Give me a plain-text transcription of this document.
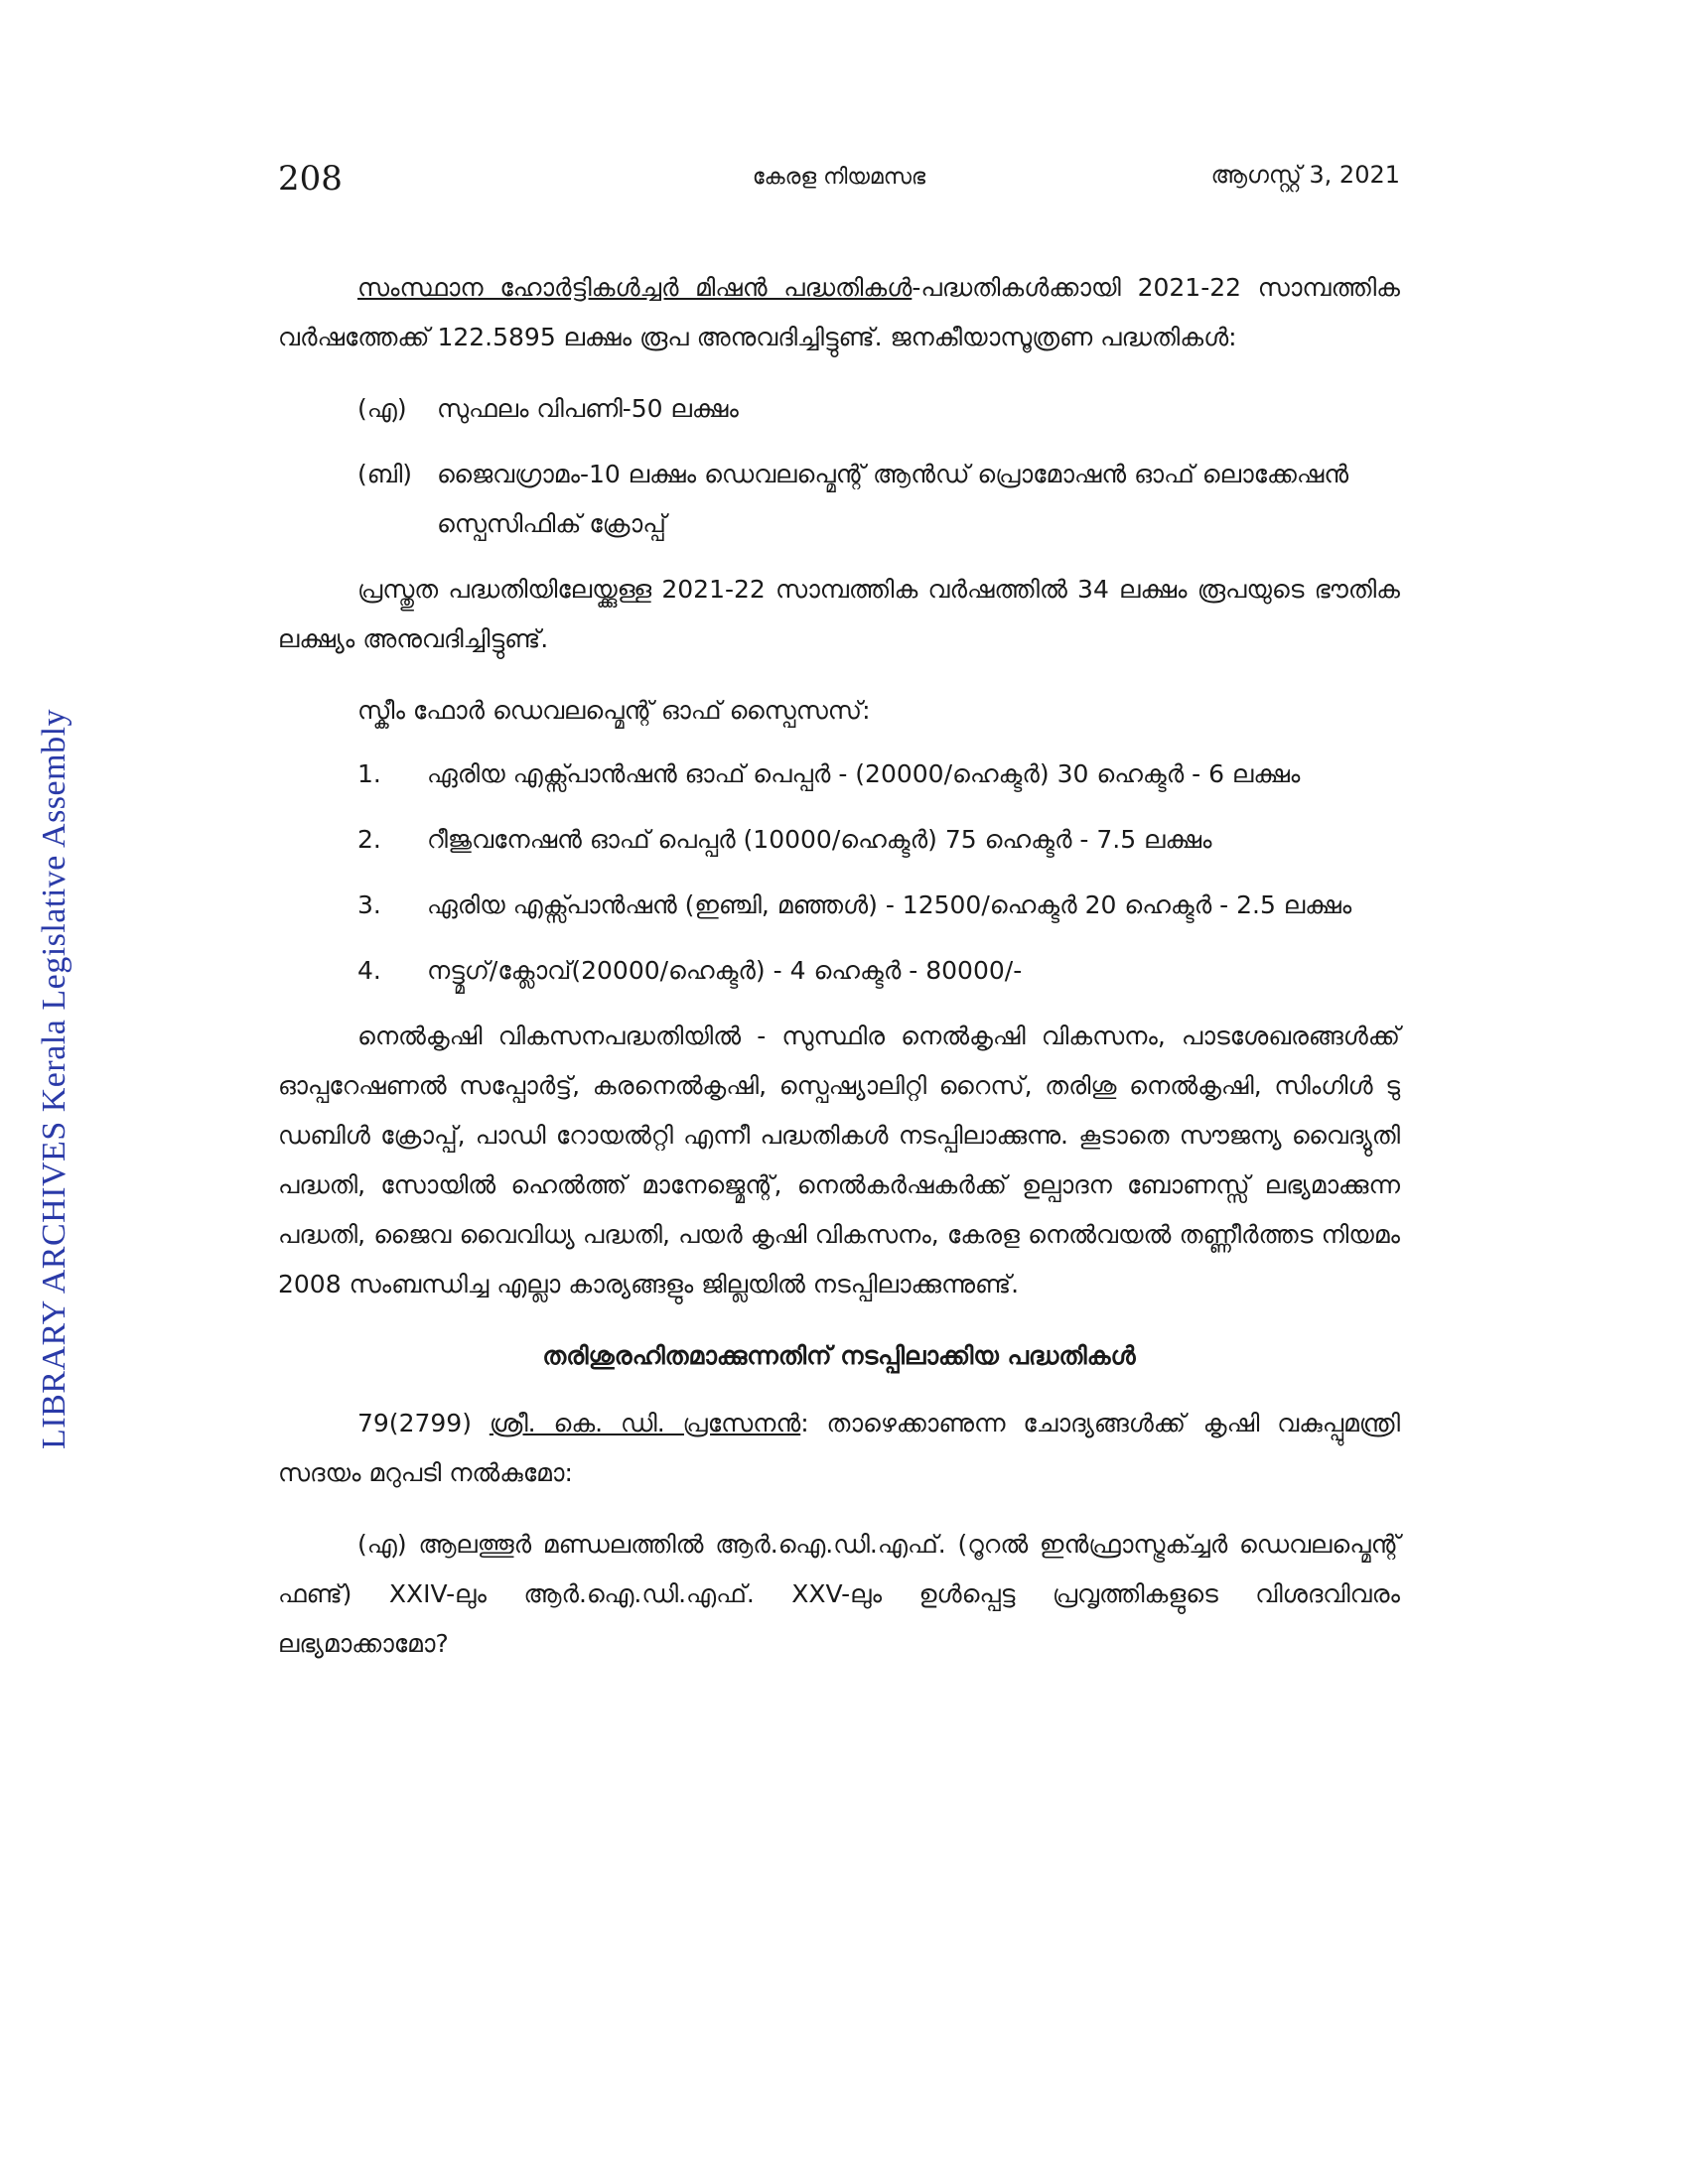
LIBRARY ARCHIVES Kerala Legislative Assembly
208	കേരള നിയമസഭ	ആഗസ്റ്റ് 3, 2021

സംസ്ഥാന ഹോർട്ടികൾച്ചർ മിഷൻ പദ്ധതികൾ-പദ്ധതികൾക്കായി 2021-22 സാമ്പത്തിക വർഷത്തേക്ക് 122.5895 ലക്ഷം രൂപ അനുവദിച്ചിട്ടുണ്ട്. ജനകീയാസൂത്രണ പദ്ധതികൾ:

(എ)	സുഫലം വിപണി-50 ലക്ഷം
(ബി) ജൈവഗ്രാമം-10 ലക്ഷം ഡെവലപ്മെന്റ് ആൻഡ് പ്രൊമോഷൻ ഓഫ് ലൊക്കേഷൻ സ്പെസിഫിക് ക്രോപ്പ്

പ്രസ്തുത പദ്ധതിയിലേയ്ക്കുള്ള 2021-22 സാമ്പത്തിക വർഷത്തിൽ 34 ലക്ഷം രൂപയുടെ ഭൗതിക ലക്ഷ്യം അനുവദിച്ചിട്ടുണ്ട്.

സ്കീം ഫോർ ഡെവലപ്മെന്റ് ഓഫ് സ്പൈസസ്:

1.	ഏരിയ എക്സ്പാൻഷൻ ഓഫ് പെപ്പർ - (20000/ഹെക്ടർ) 30 ഹെക്ടർ - 6 ലക്ഷം
2.	റീജുവനേഷൻ ഓഫ് പെപ്പർ (10000/ഹെക്ടർ) 75 ഹെക്ടർ - 7.5 ലക്ഷം
3.	ഏരിയ എക്സ്പാൻഷൻ (ഇഞ്ചി, മഞ്ഞൾ) - 12500/ഹെക്ടർ 20 ഹെക്ടർ - 2.5 ലക്ഷം
4.	നട്ട്മഗ്/ക്ലോവ്(20000/ഹെക്ടർ) - 4 ഹെക്ടർ - 80000/-

നെൽകൃഷി വികസനപദ്ധതിയിൽ - സുസ്ഥിര നെൽകൃഷി വികസനം, പാടശേഖരങ്ങൾക്ക് ഓപ്പറേഷണൽ സപ്പോർട്ട്, കരനെൽകൃഷി, സ്പെഷ്യാലിറ്റി റൈസ്, തരിശു നെൽകൃഷി, സിംഗിൾ ടു ഡബിൾ ക്രോപ്പ്, പാഡി റോയൽറ്റി എന്നീ പദ്ധതികൾ നടപ്പിലാക്കുന്നു. കൂടാതെ സൗജന്യ വൈദ്യുതി പദ്ധതി, സോയിൽ ഹെൽത്ത് മാനേജ്മെന്റ്, നെൽകർഷകർക്ക് ഉല്പാദന ബോണസ്സ് ലഭ്യമാക്കുന്ന പദ്ധതി, ജൈവ വൈവിധ്യ പദ്ധതി, പയർ കൃഷി വികസനം, കേരള നെൽവയൽ തണ്ണീർത്തട നിയമം 2008 സംബന്ധിച്ച എല്ലാ കാര്യങ്ങളും ജില്ലയിൽ നടപ്പിലാക്കുന്നുണ്ട്.

തരിശുരഹിതമാക്കുന്നതിന് നടപ്പിലാക്കിയ പദ്ധതികൾ

79(2799) ശ്രീ. കെ. ഡി. പ്രസേനൻ: താഴെക്കാണുന്ന ചോദ്യങ്ങൾക്ക് കൃഷി വകുപ്പുമന്ത്രി സദയം മറുപടി നൽകുമോ:

(എ) ആലത്തൂർ മണ്ഡലത്തിൽ ആർ.ഐ.ഡി.എഫ്. (റൂറൽ ഇൻഫ്രാസ്ട്രക്ച്ചർ ഡെവലപ്മെന്റ് ഫണ്ട്) XXIV-ലും ആർ.ഐ.ഡി.എഫ്. XXV-ലും ഉൾപ്പെട്ട പ്രവൃത്തികളുടെ വിശദവിവരം ലഭ്യമാക്കാമോ?
